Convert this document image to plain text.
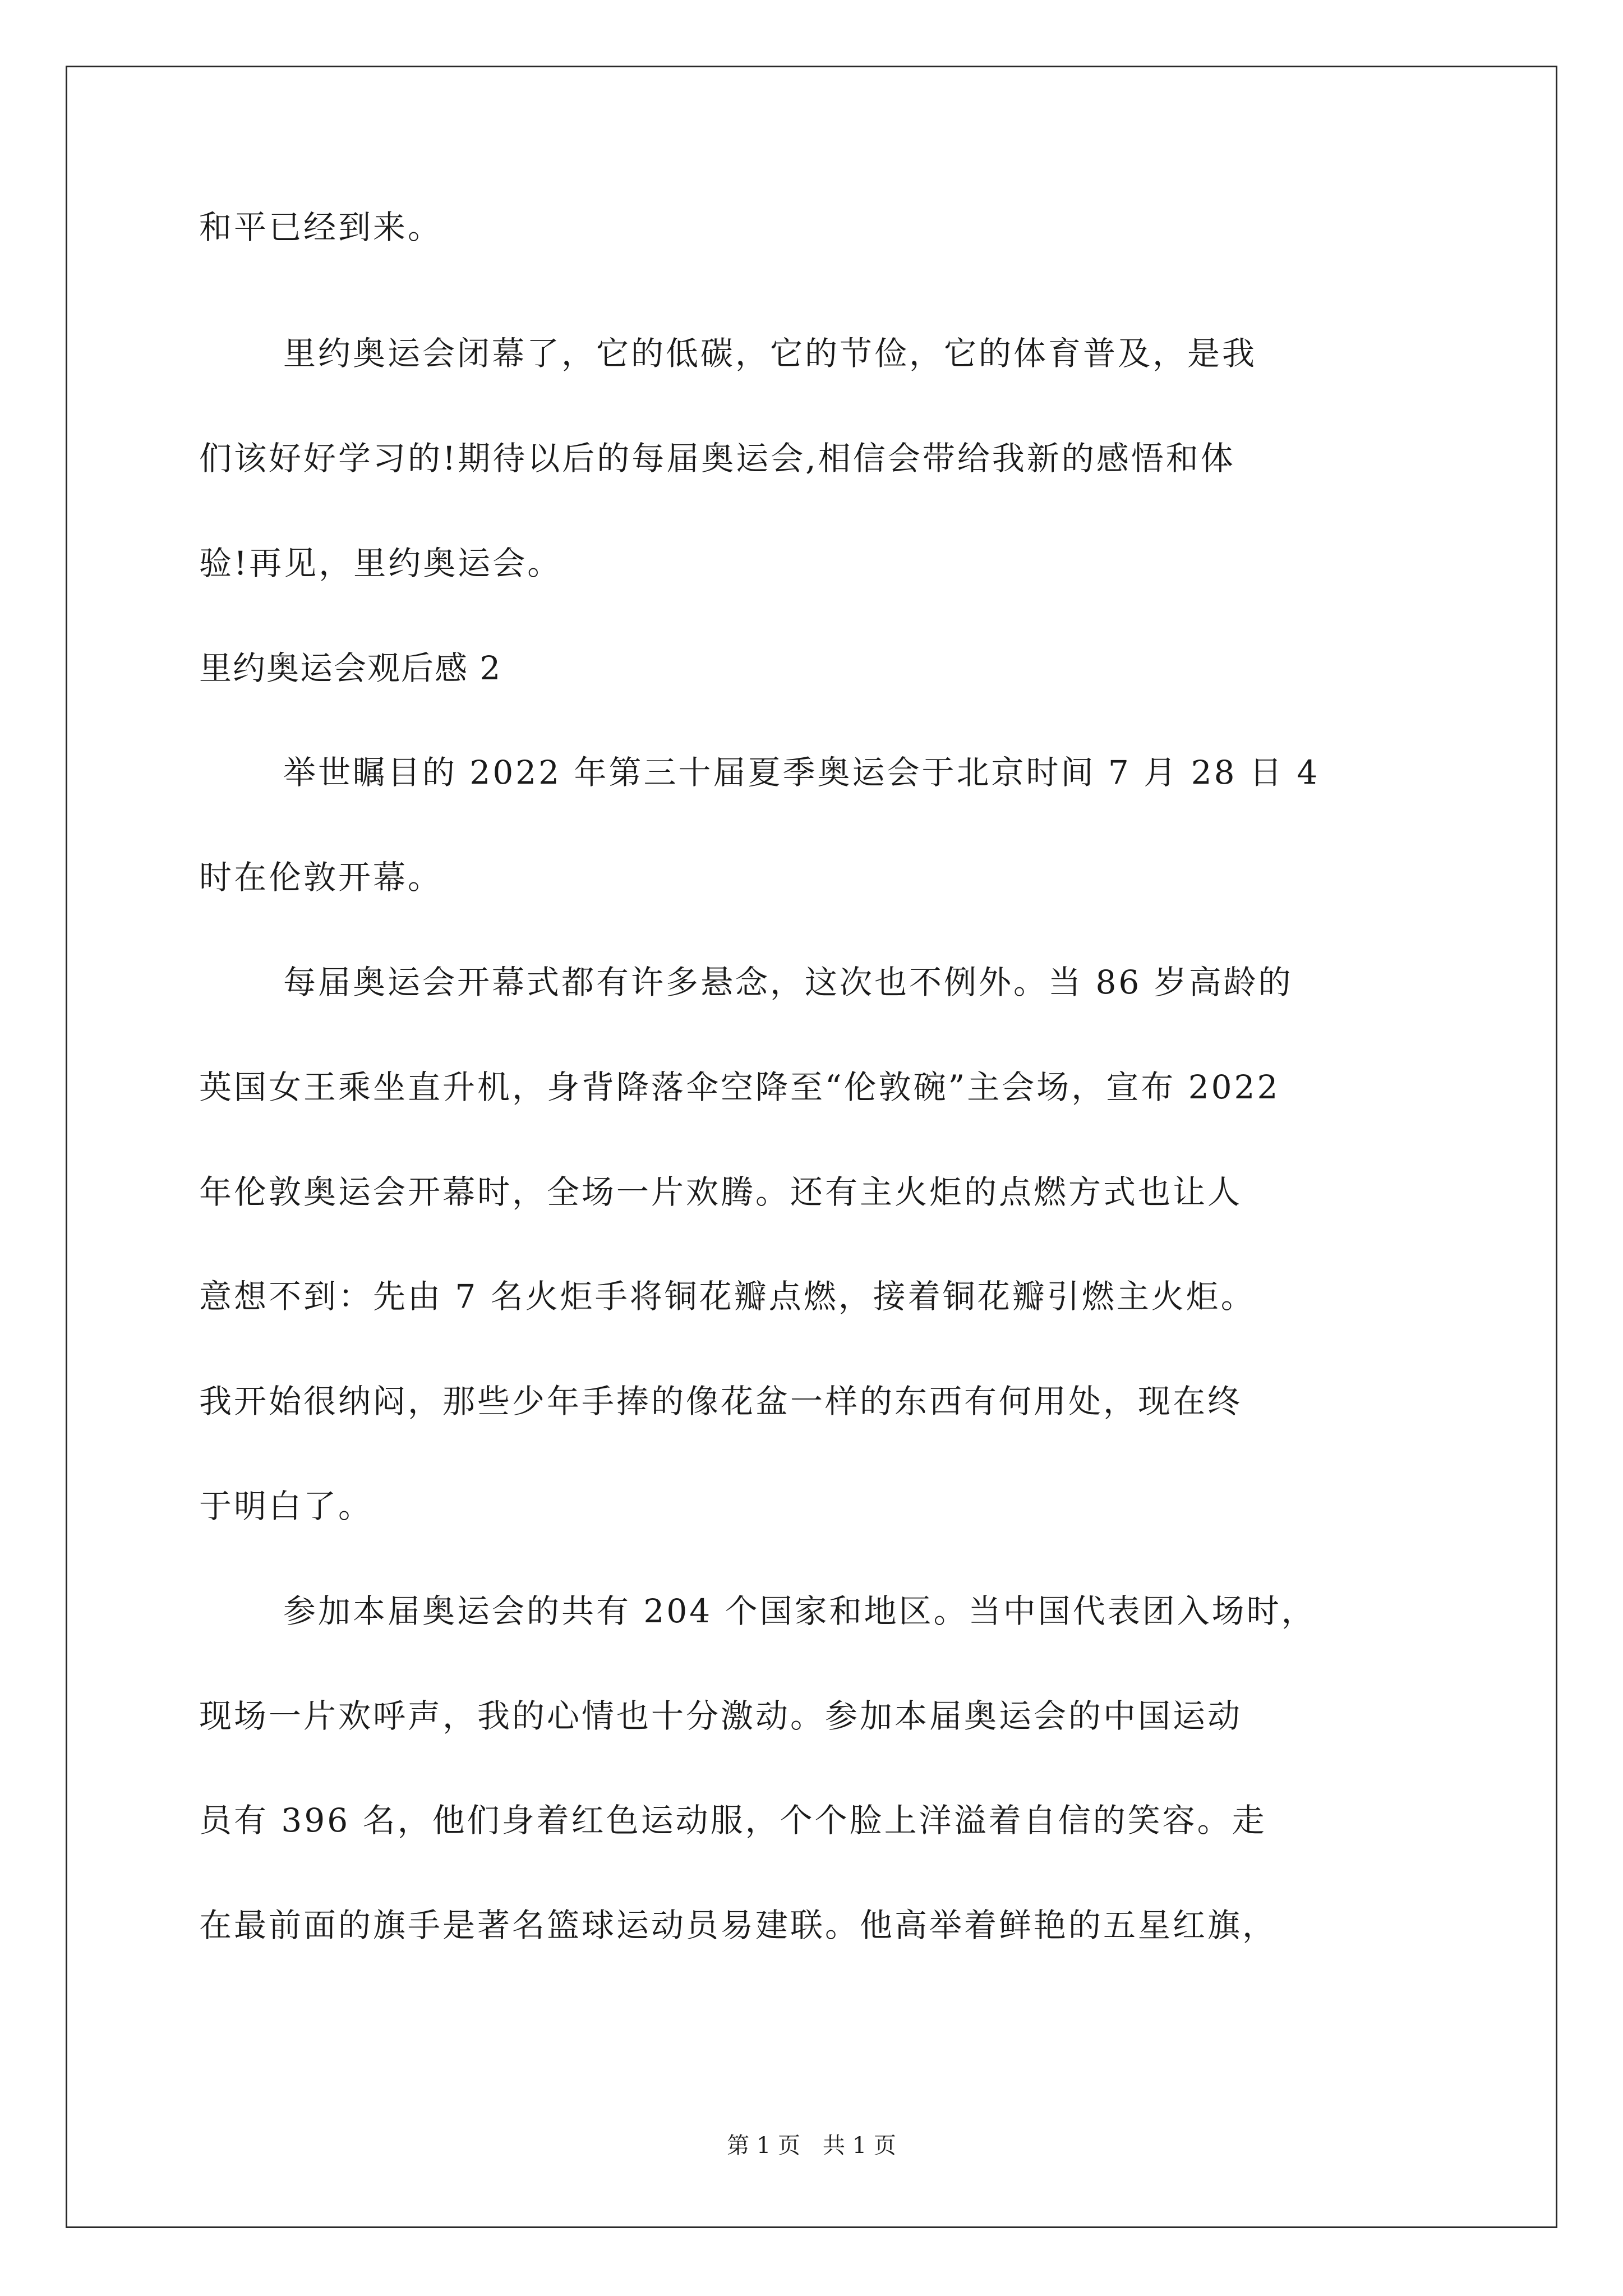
和平已经到来。
里约奥运会闭幕了，它的低碳，它的节俭，它的体育普及，是我
们该好好学习的!期待以后的每届奥运会,相信会带给我新的感悟和体
验!再见，里约奥运会。
里约奥运会观后感 2
举世瞩目的 2022 年第三十届夏季奥运会于北京时间 7 月 28 日 4
时在伦敦开幕。
每届奥运会开幕式都有许多悬念，这次也不例外。当 86 岁高龄的
英国女王乘坐直升机，身背降落伞空降至“伦敦碗”主会场，宣布 2022
年伦敦奥运会开幕时，全场一片欢腾。还有主火炬的点燃方式也让人
意想不到：先由 7 名火炬手将铜花瓣点燃，接着铜花瓣引燃主火炬。
我开始很纳闷，那些少年手捧的像花盆一样的东西有何用处，现在终
于明白了。
参加本届奥运会的共有 204 个国家和地区。当中国代表团入场时，
现场一片欢呼声，我的心情也十分激动。参加本届奥运会的中国运动
员有 396 名，他们身着红色运动服，个个脸上洋溢着自信的笑容。走
在最前面的旗手是著名篮球运动员易建联。他高举着鲜艳的五星红旗，
第 1 页　共 1 页
